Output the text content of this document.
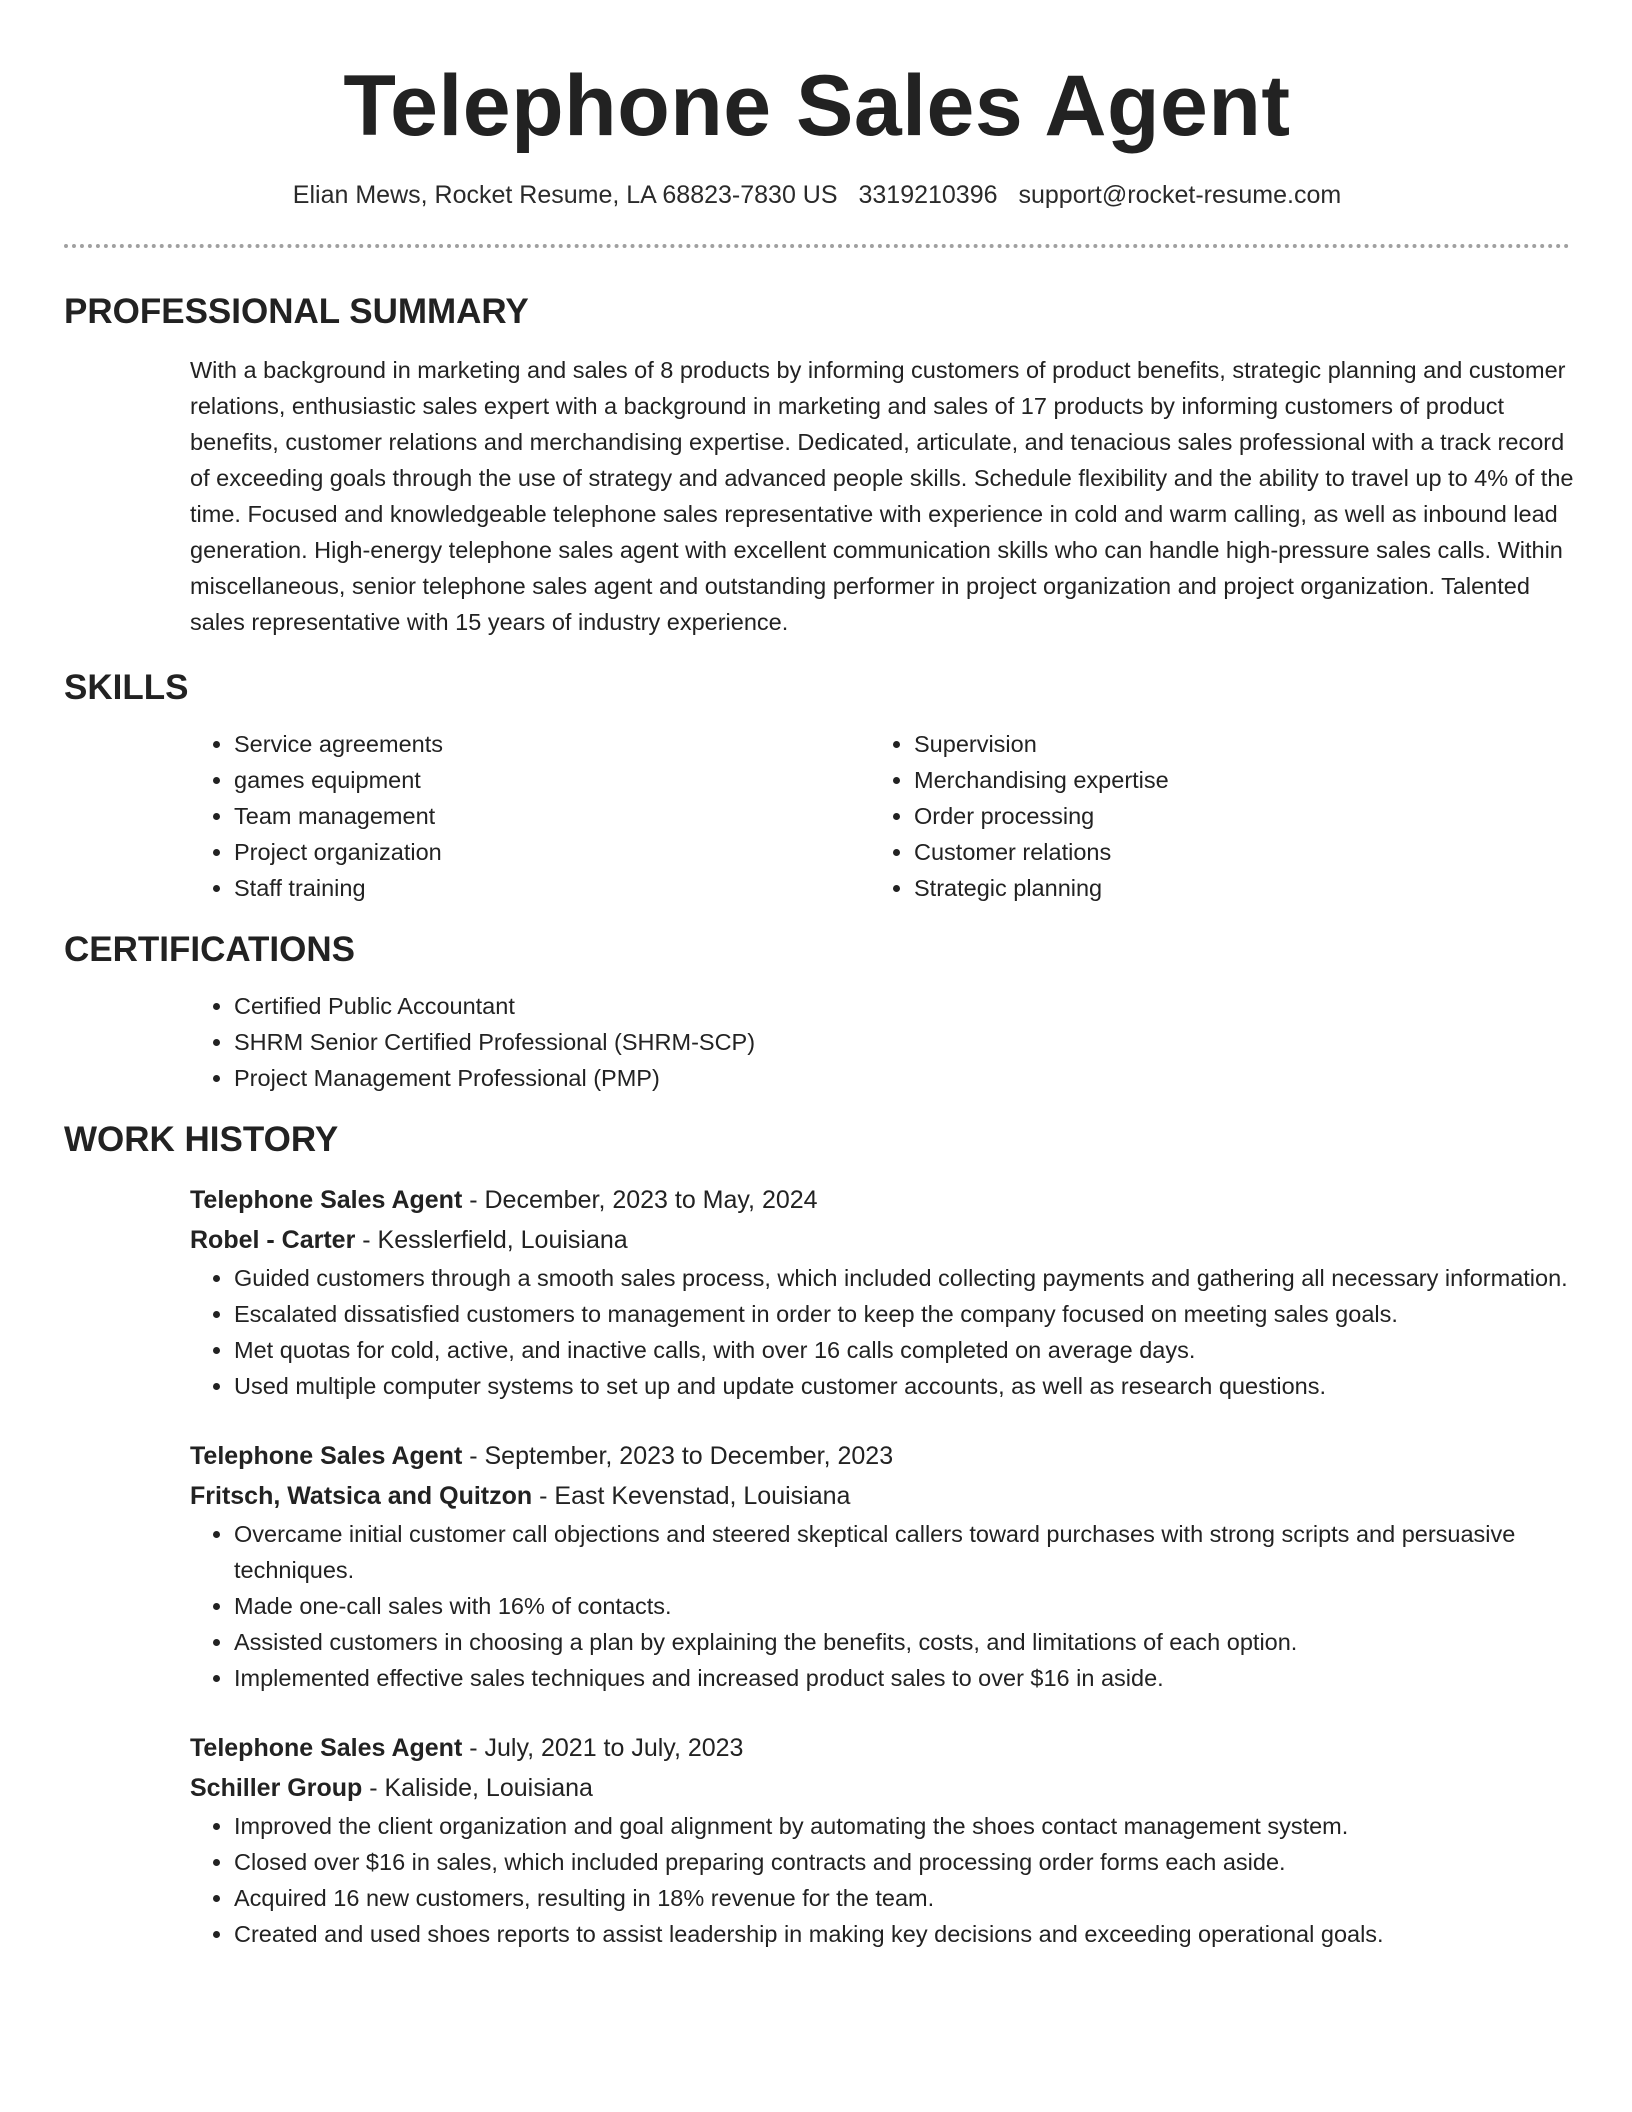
Telephone Sales Agent
Elian Mews, Rocket Resume, LA 68823-7830 US 3319210396 support@rocket-resume.com
PROFESSIONAL SUMMARY
With a background in marketing and sales of 8 products by informing customers of product benefits, strategic planning and customer relations, enthusiastic sales expert with a background in marketing and sales of 17 products by informing customers of product benefits, customer relations and merchandising expertise. Dedicated, articulate, and tenacious sales professional with a track record of exceeding goals through the use of strategy and advanced people skills. Schedule flexibility and the ability to travel up to 4% of the time. Focused and knowledgeable telephone sales representative with experience in cold and warm calling, as well as inbound lead generation. High-energy telephone sales agent with excellent communication skills who can handle high-pressure sales calls. Within miscellaneous, senior telephone sales agent and outstanding performer in project organization and project organization. Talented sales representative with 15 years of industry experience.
SKILLS
• Service agreements
• games equipment
• Team management
• Project organization
• Staff training
• Supervision
• Merchandising expertise
• Order processing
• Customer relations
• Strategic planning
CERTIFICATIONS
• Certified Public Accountant
• SHRM Senior Certified Professional (SHRM-SCP)
• Project Management Professional (PMP)
WORK HISTORY
Telephone Sales Agent - December, 2023 to May, 2024
Robel - Carter - Kesslerfield, Louisiana
• Guided customers through a smooth sales process, which included collecting payments and gathering all necessary information.
• Escalated dissatisfied customers to management in order to keep the company focused on meeting sales goals.
• Met quotas for cold, active, and inactive calls, with over 16 calls completed on average days.
• Used multiple computer systems to set up and update customer accounts, as well as research questions.
Telephone Sales Agent - September, 2023 to December, 2023
Fritsch, Watsica and Quitzon - East Kevenstad, Louisiana
• Overcame initial customer call objections and steered skeptical callers toward purchases with strong scripts and persuasive techniques.
• Made one-call sales with 16% of contacts.
• Assisted customers in choosing a plan by explaining the benefits, costs, and limitations of each option.
• Implemented effective sales techniques and increased product sales to over $16 in aside.
Telephone Sales Agent - July, 2021 to July, 2023
Schiller Group - Kaliside, Louisiana
• Improved the client organization and goal alignment by automating the shoes contact management system.
• Closed over $16 in sales, which included preparing contracts and processing order forms each aside.
• Acquired 16 new customers, resulting in 18% revenue for the team.
• Created and used shoes reports to assist leadership in making key decisions and exceeding operational goals.
